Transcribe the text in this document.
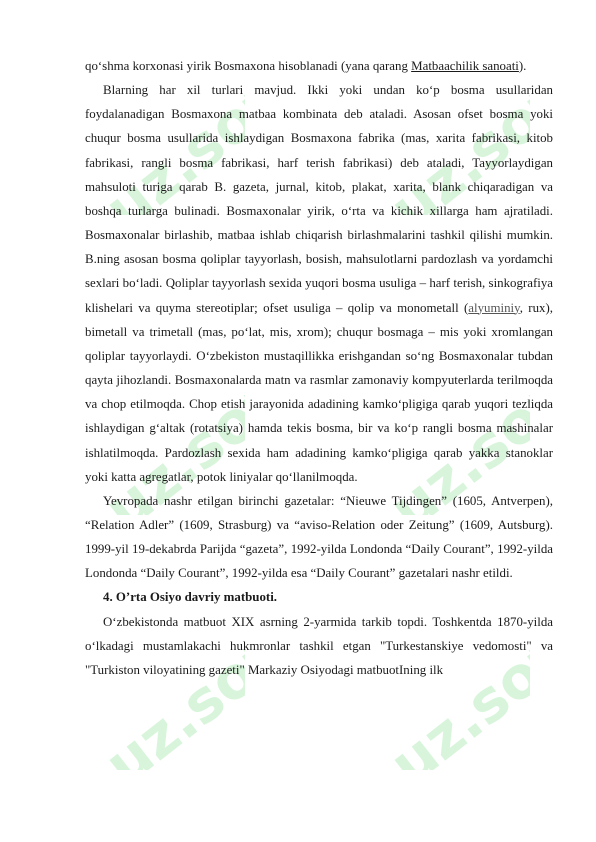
uz.sof uz.sof
uz.sof uz.sof
uz.sof uz.sof

qo‘shma korxonasi yirik Bosmaxona hisoblanadi (yana qarang Matbaachilik sanoati).

Blarning har xil turlari mavjud. Ikki yoki undan ko‘p bosma usullaridan foydalanadigan Bosmaxona matbaa kombinata deb ataladi. Asosan ofset bosma yoki chuqur bosma usullarida ishlaydigan Bosmaxona fabrika (mas, xarita fabrikasi, kitob fabrikasi, rangli bosma fabrikasi, harf terish fabrikasi) deb ataladi, Tayyorlaydigan mahsuloti turiga qarab B. gazeta, jurnal, kitob, plakat, xarita, blank chiqaradigan va boshqa turlarga bulinadi. Bosmaxonalar yirik, o‘rta va kichik xillarga ham ajratiladi. Bosmaxonalar birlashib, matbaa ishlab chiqarish birlashmalarini tashkil qilishi mumkin. B.ning asosan bosma qoliplar tayyorlash, bosish, mahsulotlarni pardozlash va yordamchi sexlari bo‘ladi. Qoliplar tayyorlash sexida yuqori bosma usuliga – harf terish, sinkografiya klishelari va quyma stereotiplar; ofset usuliga – qolip va monometall (alyuminiy, rux), bimetall va trimetall (mas, po‘lat, mis, xrom); chuqur bosmaga – mis yoki xromlangan qoliplar tayyorlaydi. O‘zbekiston mustaqillikka erishgandan so‘ng Bosmaxonalar tubdan qayta jihozlandi. Bosmaxonalarda matn va rasmlar zamonaviy kompyuterlarda terilmoqda va chop etilmoqda. Chop etish jarayonida adadining kamko‘pligiga qarab yuqori tezliqda ishlaydigan g‘altak (rotatsiya) hamda tekis bosma, bir va ko‘p rangli bosma mashinalar ishlatilmoqda. Pardozlash sexida ham adadining kamko‘pligiga qarab yakka stanoklar yoki katta agregatlar, potok liniyalar qo‘llanilmoqda.

Yevropada nashr etilgan birinchi gazetalar: “Nieuwe Tijdingen” (1605, Antverpen), “Relation Adler” (1609, Strasburg) va “aviso-Relation oder Zeitung” (1609, Autsburg). 1999-yil 19-dekabrda Parijda “gazeta”, 1992-yilda Londonda “Daily Courant”, 1992-yilda Londonda “Daily Courant”, 1992-yilda esa “Daily Courant” gazetalari nashr etildi.

4. O’rta Osiyo davriy matbuoti.

O‘zbekistonda matbuot XIX asrning 2-yarmida tarkib topdi. Toshkentda 1870-yilda o‘lkadagi mustamlakachi hukmronlar tashkil etgan "Turkestanskiye vedomosti" va "Turkiston viloyatining gazeti" Markaziy Osiyodagi matbuotIning ilk
